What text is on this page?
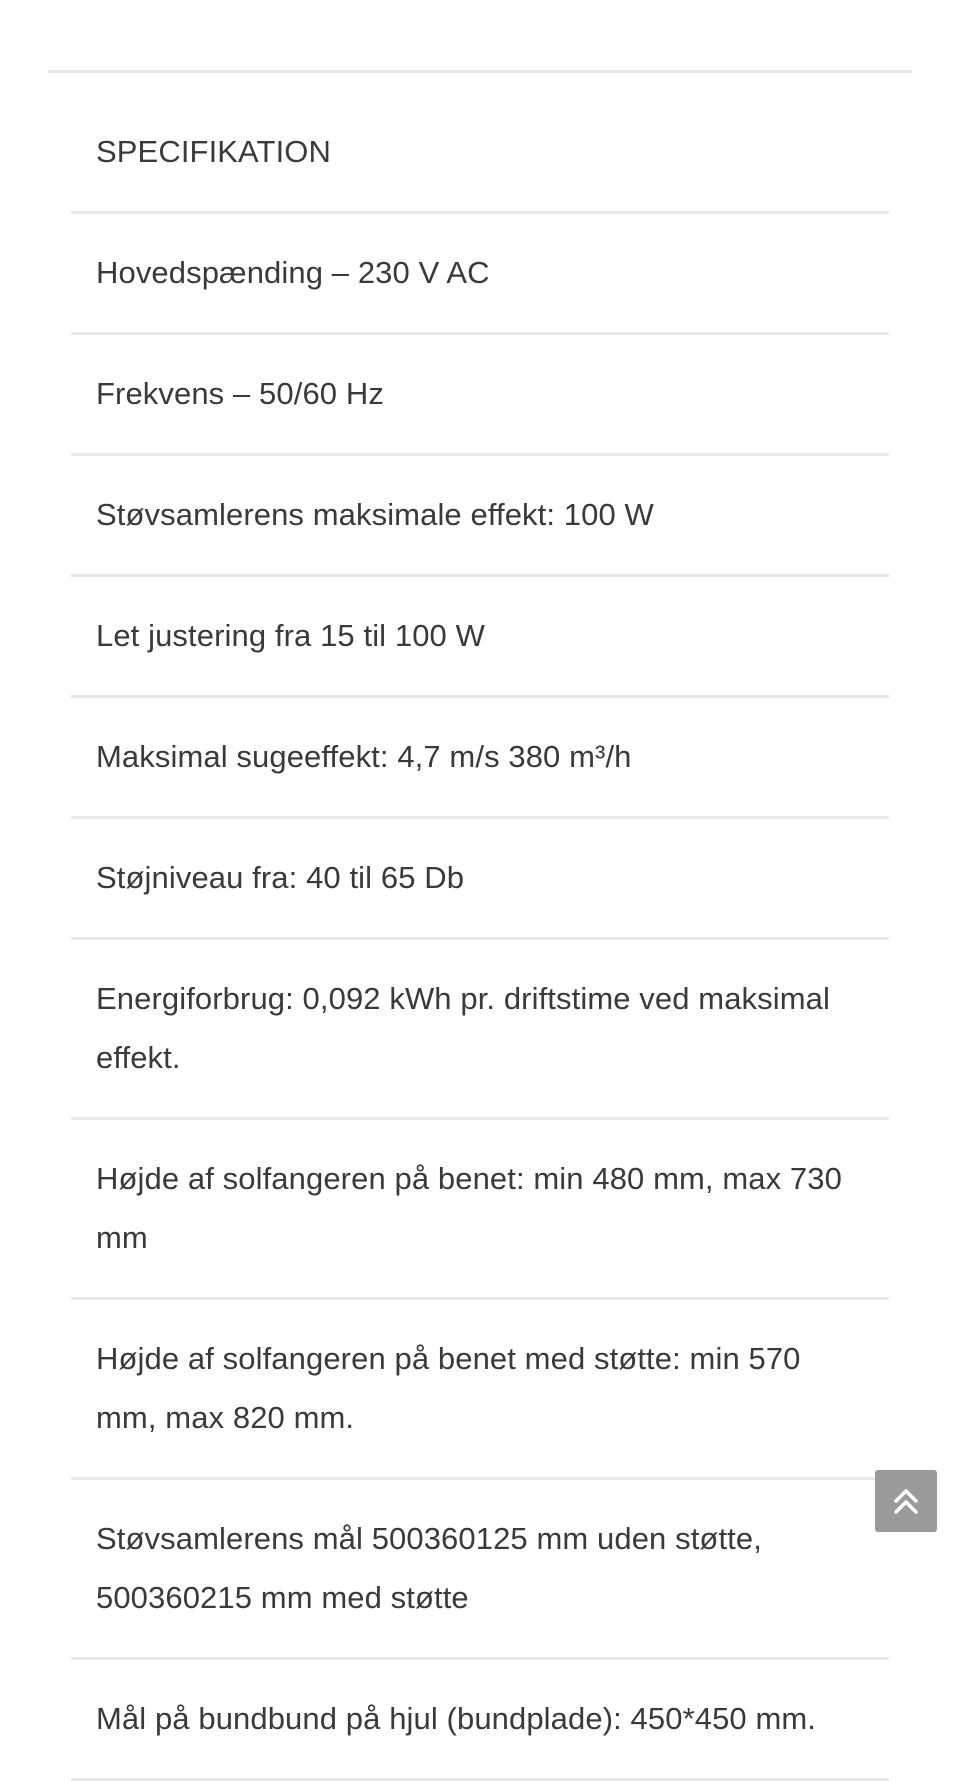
SPECIFIKATION
Hovedspænding – 230 V AC
Frekvens – 50/60 Hz
Støvsamlerens maksimale effekt: 100 W
Let justering fra 15 til 100 W
Maksimal sugeeffekt: 4,7 m/s 380 m³/h
Støjniveau fra: 40 til 65 Db
Energiforbrug: 0,092 kWh pr. driftstime ved maksimal effekt.
Højde af solfangeren på benet: min 480 mm, max 730 mm
Højde af solfangeren på benet med støtte: min 570 mm, max 820 mm.
Støvsamlerens mål 500360125 mm uden støtte, 500360215 mm med støtte
Mål på bundbund på hjul (bundplade): 450*450 mm.
